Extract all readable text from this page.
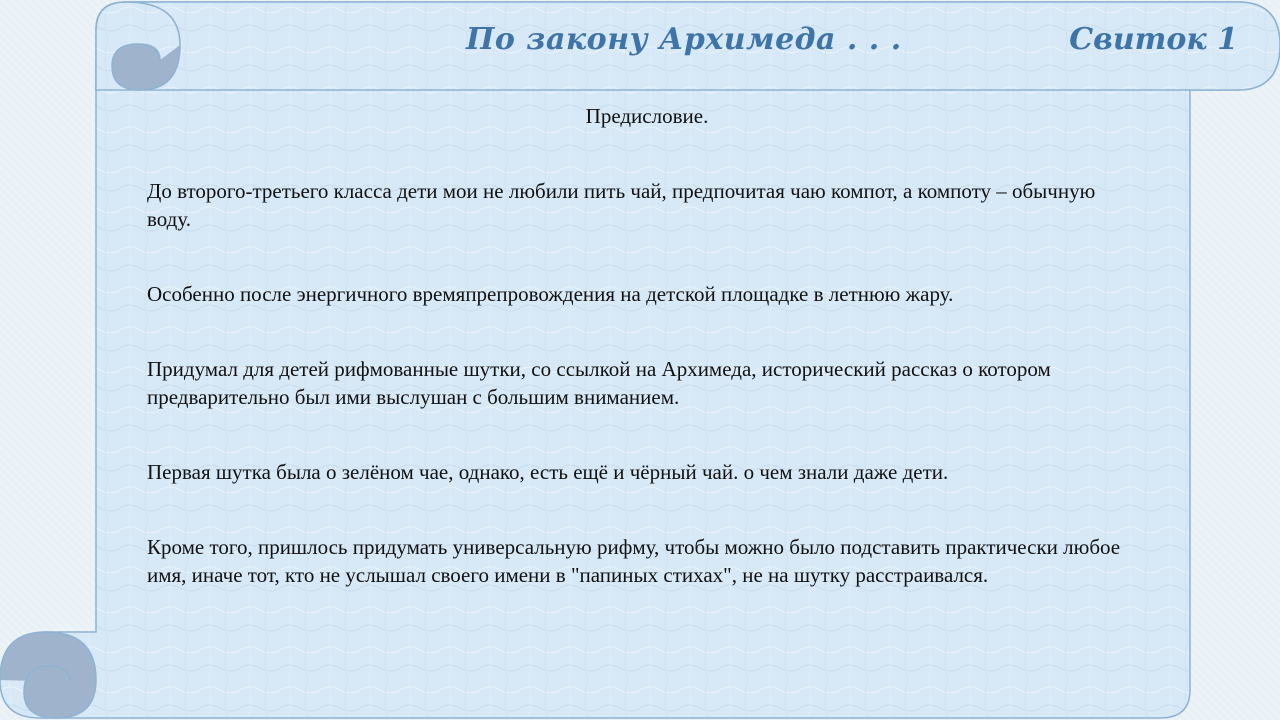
По закону Архимеда . . .	Свиток 1
Предисловие.

До второго-третьего класса дети мои не любили пить чай, предпочитая чаю компот, а компоту – обычную воду.

Особенно после энергичного времяпрепровождения на детской площадке в летнюю жару.

Придумал для детей рифмованные шутки, со ссылкой на Архимеда, исторический рассказ о котором предварительно был ими выслушан с большим вниманием.

Первая шутка была о зелёном чае, однако, есть ещё и чёрный чай. о чем знали даже дети.

Кроме того, пришлось придумать универсальную рифму, чтобы можно было подставить практически любое имя, иначе тот, кто не услышал своего имени в "папиных стихах", не на шутку расстраивался.
